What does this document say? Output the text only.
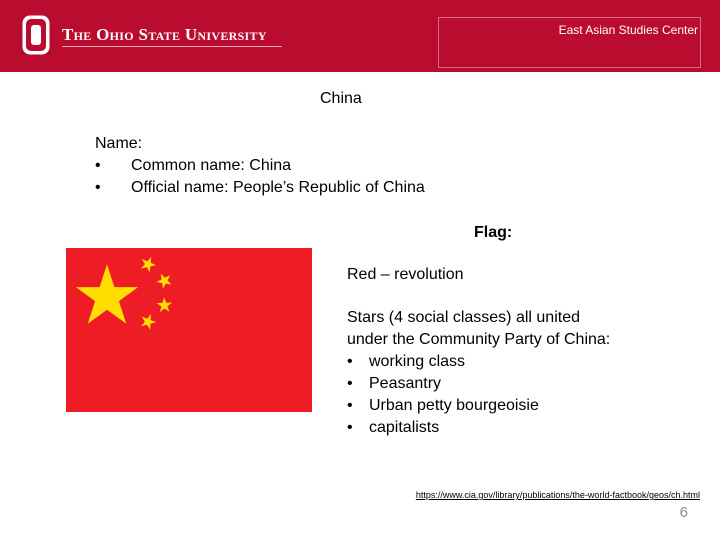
The Ohio State University	East Asian Studies Center
China
Name:
•	Common name: China
•	Official name: People’s Republic of China
Flag:

Red – revolution

Stars (4 social classes) all united

under the Community Party of China:

•	working class
•	Peasantry
•	Urban petty bourgeoisie
•	capitalists
https://www.cia.gov/library/publications/the-world-factbook/geos/ch.html
6
